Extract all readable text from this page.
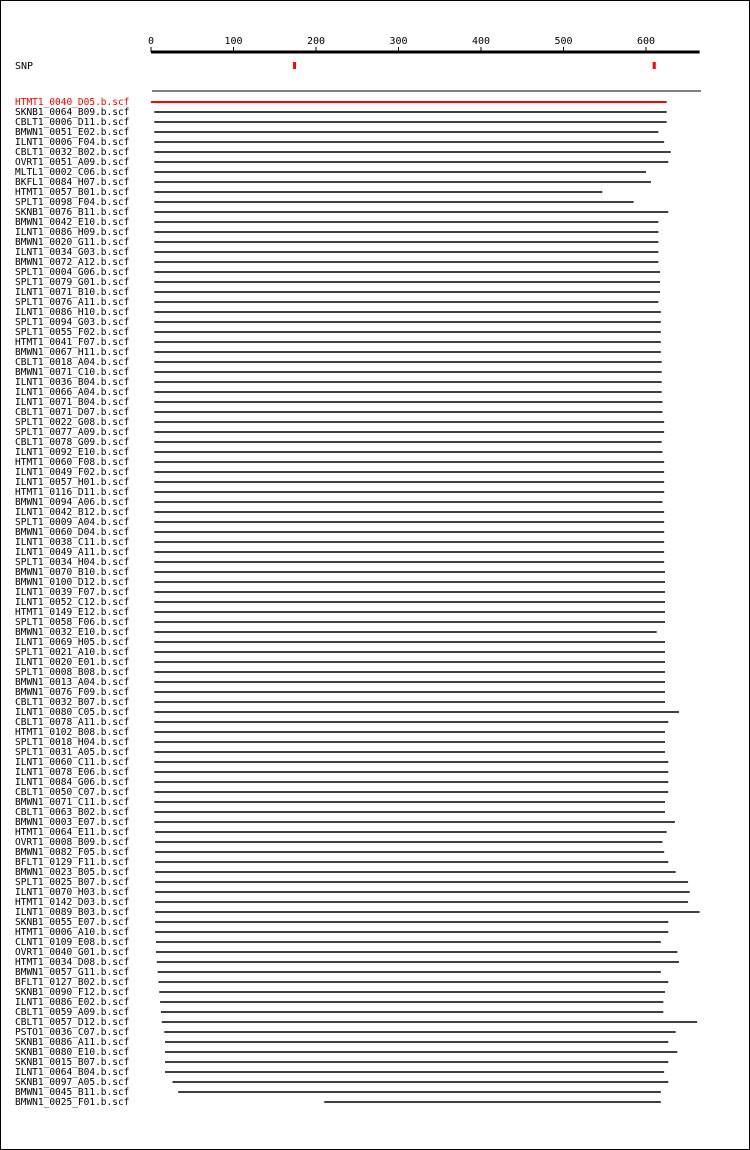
0	100	200	300	400	500	600
SNP
HTMT1_0040_D05.b.scf
SKNB1_0064_B09.b.scf
CBLT1_0006_D11.b.scf
BMWN1_0051_E02.b.scf
ILNT1_0006_F04.b.scf
CBLT1_0032_B02.b.scf
OVRT1_0051_A09.b.scf
MLTL1_0002_C06.b.scf
BKFL1_0084_H07.b.scf
HTMT1_0057_B01.b.scf
SPLT1_0098_F04.b.scf
SKNB1_0076_B11.b.scf
BMWN1_0042_E10.b.scf
ILNT1_0086_H09.b.scf
BMWN1_0020_G11.b.scf
ILNT1_0034_G03.b.scf
BMWN1_0072_A12.b.scf
SPLT1_0004_G06.b.scf
SPLT1_0079_G01.b.scf
ILNT1_0071_B10.b.scf
SPLT1_0076_A11.b.scf
ILNT1_0086_H10.b.scf
SPLT1_0094_G03.b.scf
SPLT1_0055_F02.b.scf
HTMT1_0041_F07.b.scf
BMWN1_0067_H11.b.scf
CBLT1_0018_A04.b.scf
BMWN1_0071_C10.b.scf
ILNT1_0036_B04.b.scf
ILNT1_0066_A04.b.scf
ILNT1_0071_B04.b.scf
CBLT1_0071_D07.b.scf
SPLT1_0022_G08.b.scf
SPLT1_0077_A09.b.scf
CBLT1_0078_G09.b.scf
ILNT1_0092_E10.b.scf
HTMT1_0060_F08.b.scf
ILNT1_0049_F02.b.scf
ILNT1_0057_H01.b.scf
HTMT1_0116_D11.b.scf
BMWN1_0094_A06.b.scf
ILNT1_0042_B12.b.scf
SPLT1_0009_A04.b.scf
BMWN1_0060_D04.b.scf
ILNT1_0038_C11.b.scf
ILNT1_0049_A11.b.scf
SPLT1_0034_H04.b.scf
BMWN1_0070_B10.b.scf
BMWN1_0100_D12.b.scf
ILNT1_0039_F07.b.scf
ILNT1_0052_C12.b.scf
HTMT1_0149_E12.b.scf
SPLT1_0058_F06.b.scf
BMWN1_0032_E10.b.scf
ILNT1_0069_H05.b.scf
SPLT1_0021_A10.b.scf
ILNT1_0020_E01.b.scf
SPLT1_0008_B08.b.scf
BMWN1_0013_A04.b.scf
BMWN1_0076_F09.b.scf
CBLT1_0032_B07.b.scf
ILNT1_0080_C05.b.scf
CBLT1_0078_A11.b.scf
HTMT1_0102_B08.b.scf
SPLT1_0018_H04.b.scf
SPLT1_0031_A05.b.scf
ILNT1_0060_C11.b.scf
ILNT1_0078_E06.b.scf
ILNT1_0084_G06.b.scf
CBLT1_0050_C07.b.scf
BMWN1_0071_C11.b.scf
CBLT1_0063_B02.b.scf
BMWN1_0003_E07.b.scf
HTMT1_0064_E11.b.scf
OVRT1_0008_B09.b.scf
BMWN1_0082_F05.b.scf
BFLT1_0129_F11.b.scf
BMWN1_0023_B05.b.scf
SPLT1_0025_B07.b.scf
ILNT1_0070_H03.b.scf
HTMT1_0142_D03.b.scf
ILNT1_0089_B03.b.scf
SKNB1_0055_E07.b.scf
HTMT1_0006_A10.b.scf
CLNT1_0109_E08.b.scf
OVRT1_0040_G01.b.scf
HTMT1_0034_D08.b.scf
BMWN1_0057_G11.b.scf
BFLT1_0127_B02.b.scf
SKNB1_0090_F12.b.scf
ILNT1_0086_E02.b.scf
CBLT1_0059_A09.b.scf
CBLT1_0057_D12.b.scf
PSTO1_0036_C07.b.scf
SKNB1_0086_A11.b.scf
SKNB1_0080_E10.b.scf
SKNB1_0015_B07.b.scf
ILNT1_0064_B04.b.scf
SKNB1_0097_A05.b.scf
BMWN1_0045_B11.b.scf
BMWN1_0025_F01.b.scf
